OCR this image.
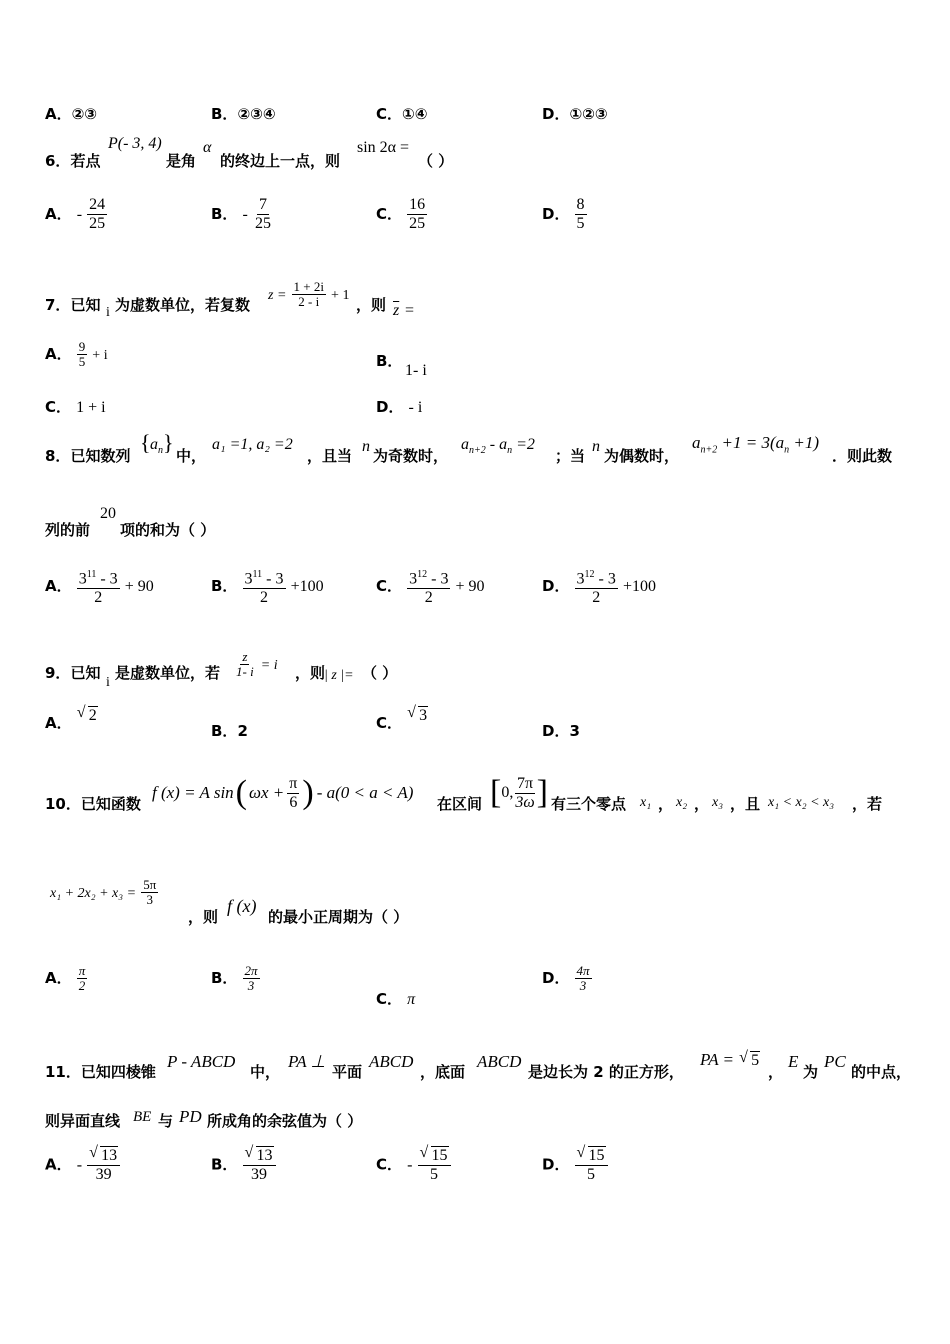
A．②③	B．②③④	C．①④	D．①②③
6．若点
P(- 3, 4)
是角
α
的终边上一点，则
sin 2α =
（ ）
A． - $\frac{24}{25}$	B． - $\frac{7}{25}$	C． $\frac{16}{25}$	D． $\frac{8}{5}$
7．已知 i 为虚数单位，若复数
$z = \frac{1 + 2i}{2 - i} + 1$
，则 $\overline{z}$ =
A． $\frac{9}{5} + i$	B．
1- i
C． 1 + i	D． - i
8．已知数列
{ $a_n$ }
中，
a₁ =1, a₂ =2
，且当
n
为奇数时，
$a_{n+2} - a_n =2$
；当
n
为偶数时，
$a_{n+2} +1 = 3(a_n +1)$
．则此数
列的前
20
项的和为（ ）
A． $\frac{3^{11} - 3}{2} + 90$	B． $\frac{3^{11} - 3}{2} +100$	C． $\frac{3^{12} - 3}{2} + 90$	D． $\frac{3^{12} - 3}{2} +100$
9．已知
i
是虚数单位，若 $\frac{z}{1- i} = i$ ，则
| z |= （ ）
A．
√ 2
B．2	C．
√ 3
D．3
10．已知函数
f (x) = A sin ( $\omega x + \frac{\pi}{6}$ ) - a(0 < a < A)
在区间 [ 0, $\frac{7\pi}{3\omega}$ ] 有三个零点 x₁ ， x₂ ， x₃ ，且 x₁ < x₂ < x₃ ，若
$x_1 + 2x_2 + x_3 = \frac{5\pi}{3}$
，则
f (x)
的最小正周期为（ ）
A． $\frac{\pi}{2}$	B． $\frac{2\pi}{3}$
C． π
D． $\frac{4\pi}{3}$
11．已知四棱锥
P - ABCD
中，
PA ⊥
平面
ABCD
，底面
ABCD
是边长为 2 的正方形，
PA = √ 5
，
E
为
PC
的中点，
则异面直线 BE 与 PD 所成角的余弦值为（ ）
A． - $\frac{√ 13}{39}$	B． $\frac{√ 13}{39}$	C． - $\frac{√ 15}{5}$	D． $\frac{√ 15}{5}$
